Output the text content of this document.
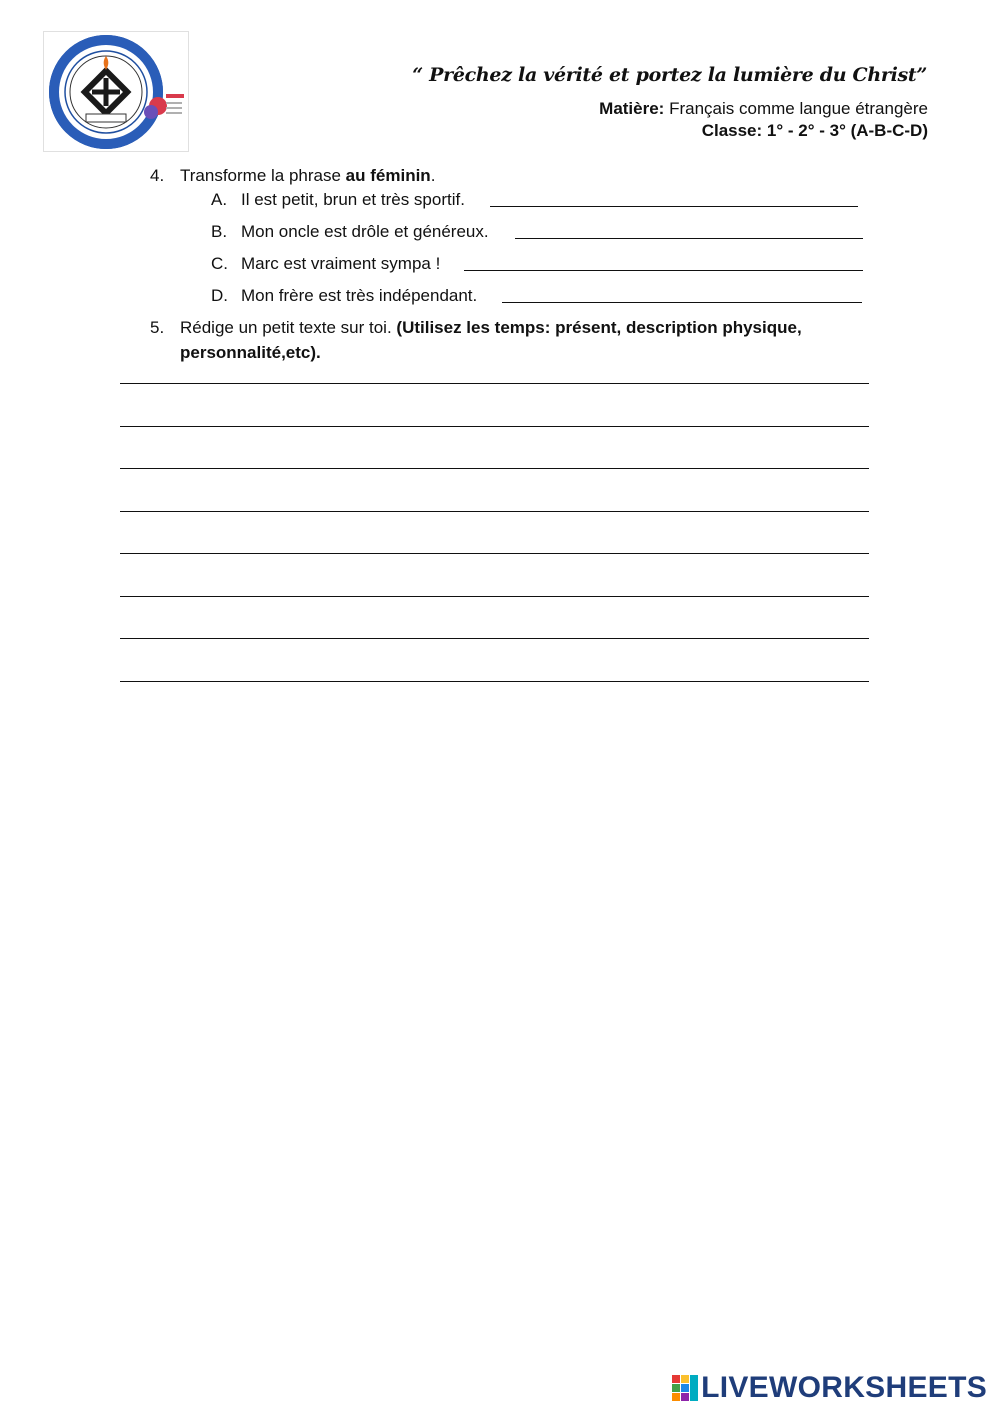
“ Prêchez la vérité et portez la lumière du Christ”
Matière: Français comme langue étrangère
Classe: 1° - 2° - 3° (A-B-C-D)
4. Transforme la phrase au féminin.
A. Il est petit, brun et très sportif.
B. Mon oncle est drôle et généreux.
C. Marc est vraiment sympa !
D. Mon frère est très indépendant.
5. Rédige un petit texte sur toi. (Utilisez les temps: présent, description physique,
personnalité,etc).
LIVEWORKSHEETS
